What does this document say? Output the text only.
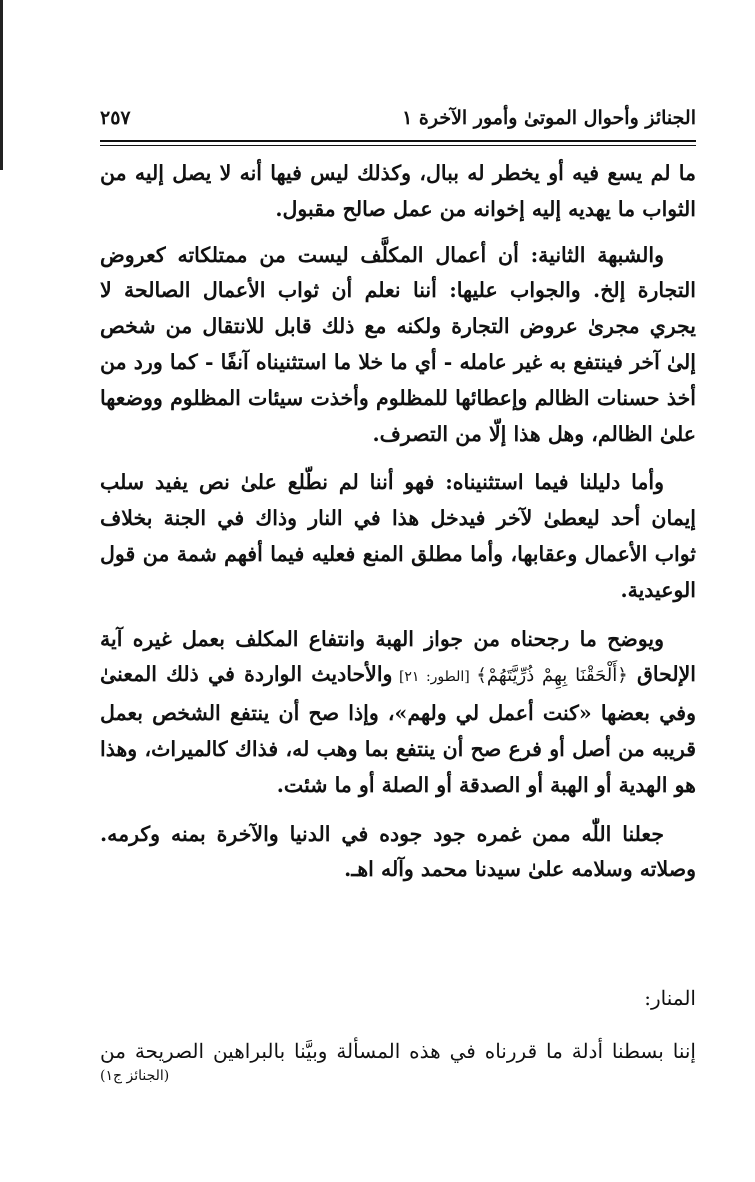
الجنائز وأحوال الموتىٰ وأمور الآخرة ١
٢٥٧

ما لم يسع فيه أو يخطر له ببال، وكذلك ليس فيها أنه لا يصل إليه من الثواب ما يهديه إليه إخوانه من عمل صالح مقبول.

والشبهة الثانية: أن أعمال المكلَّف ليست من ممتلكاته كعروض التجارة إلخ. والجواب عليها: أننا نعلم أن ثواب الأعمال الصالحة لا يجري مجرىٰ عروض التجارة ولكنه مع ذلك قابل للانتقال من شخص إلىٰ آخر فينتفع به غير عامله - أي ما خلا ما استثنيناه آنفًا - كما ورد من أخذ حسنات الظالم وإعطائها للمظلوم وأخذت سيئات المظلوم ووضعها علىٰ الظالم، وهل هذا إلّا من التصرف.

وأما دليلنا فيما استثنيناه: فهو أننا لم نطّلع علىٰ نص يفيد سلب إيمان أحد ليعطىٰ لآخر فيدخل هذا في النار وذاك في الجنة بخلاف ثواب الأعمال وعقابها، وأما مطلق المنع فعليه فيما أفهم شمة من قول الوعيدية.

ويوضح ما رجحناه من جواز الهبة وانتفاع المكلف بعمل غيره آية الإلحاق ﴿أَلْحَقْنَا بِهِمْ ذُرِّيَّتَهُمْ﴾ [الطور: ٢١] والأحاديث الواردة في ذلك المعنىٰ وفي بعضها «كنت أعمل لي ولهم»، وإذا صح أن ينتفع الشخص بعمل قريبه من أصل أو فرع صح أن ينتفع بما وهب له، فذاك كالميراث، وهذا هو الهدية أو الهبة أو الصدقة أو الصلة أو ما شئت.

جعلنا اللّٰه ممن غمره جود جوده في الدنيا والآخرة بمنه وكرمه. وصلاته وسلامه علىٰ سيدنا محمد وآله اهـ.

المنار:
إننا بسطنا أدلة ما قررناه في هذه المسألة وبيَّنا بالبراهين الصريحة من
(الجنائز ج١)
